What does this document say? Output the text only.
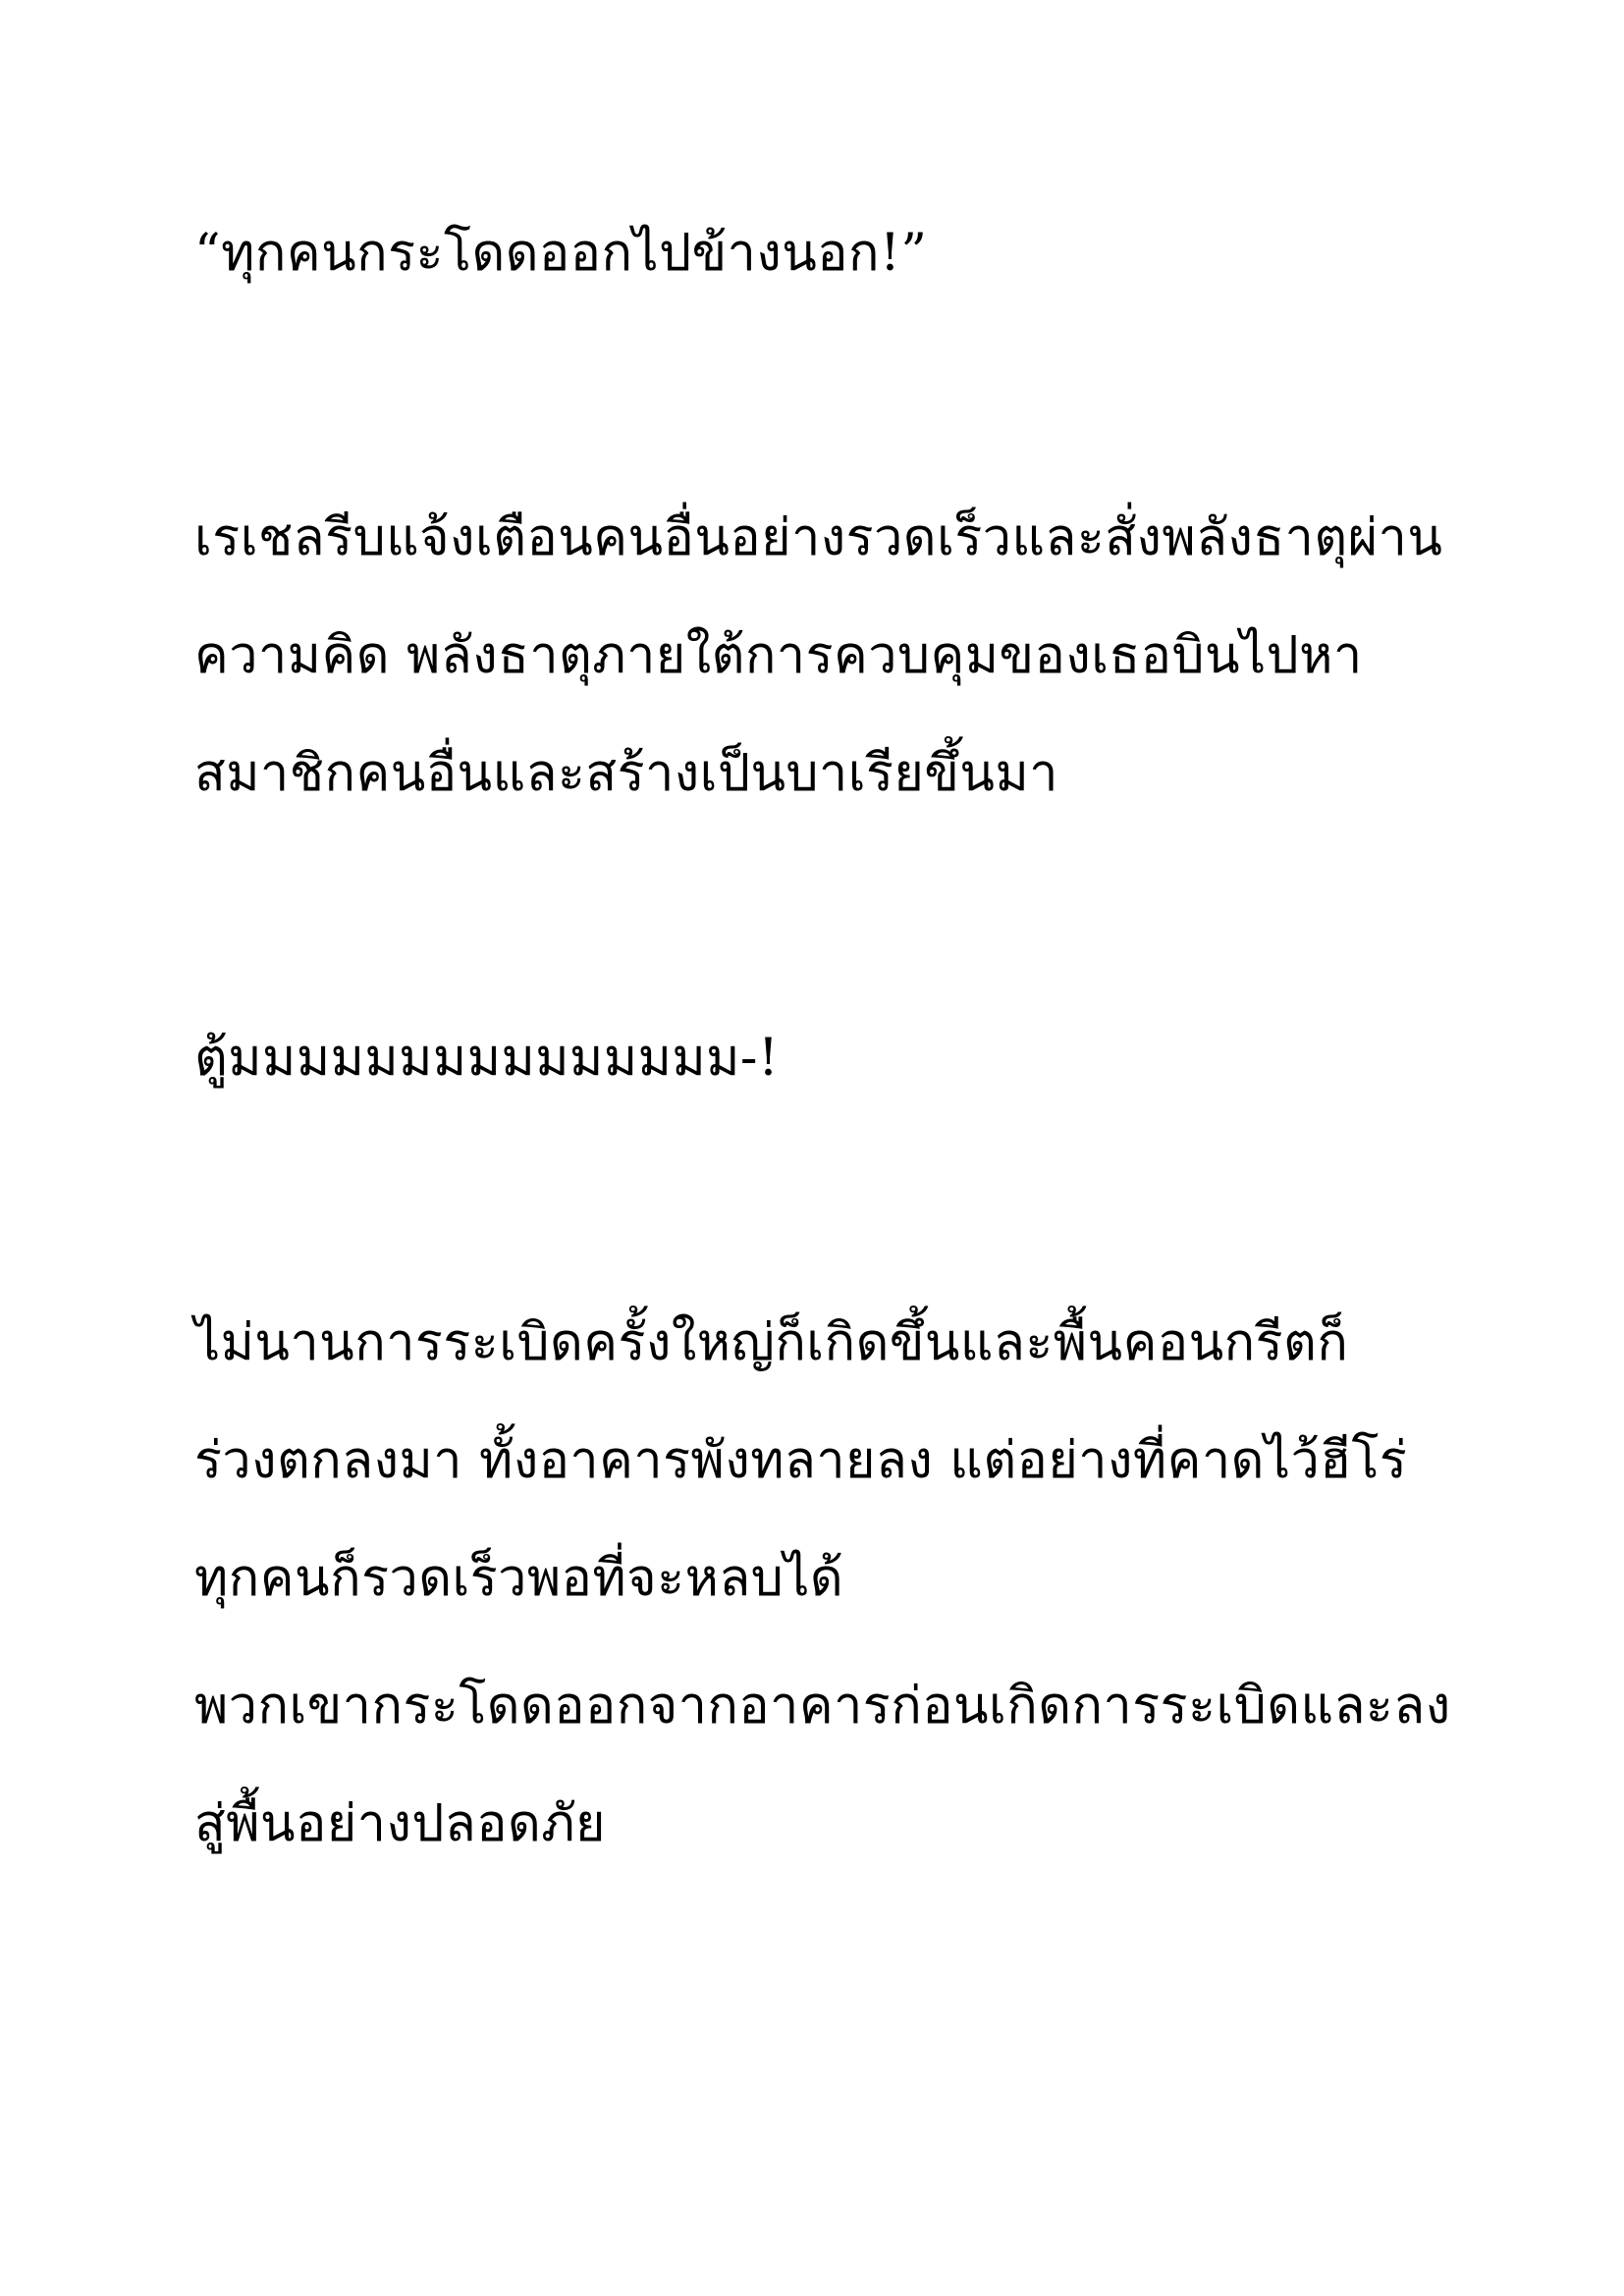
“ทุกคนกระโดดออกไปข้างนอก!”
เรเชลรีบแจ้งเตือนคนอื่นอย่างรวดเร็วและสั่งพลังธาตุผ่าน
ความคิด พลังธาตุภายใต้การควบคุมของเธอบินไปหา
สมาชิกคนอื่นและสร้างเป็นบาเรียขึ้นมา
ตู้มมมมมมมมมมมมมมม-!
ไม่นานการระเบิดครั้งใหญ่ก็เกิดขึ้นและพื้นคอนกรีตก็
ร่วงตกลงมา ทั้งอาคารพังทลายลง แต่อย่างที่คาดไว้ฮีโร่
ทุกคนก็รวดเร็วพอที่จะหลบได้
พวกเขากระโดดออกจากอาคารก่อนเกิดการระเบิดและลง
สู่พื้นอย่างปลอดภัย
